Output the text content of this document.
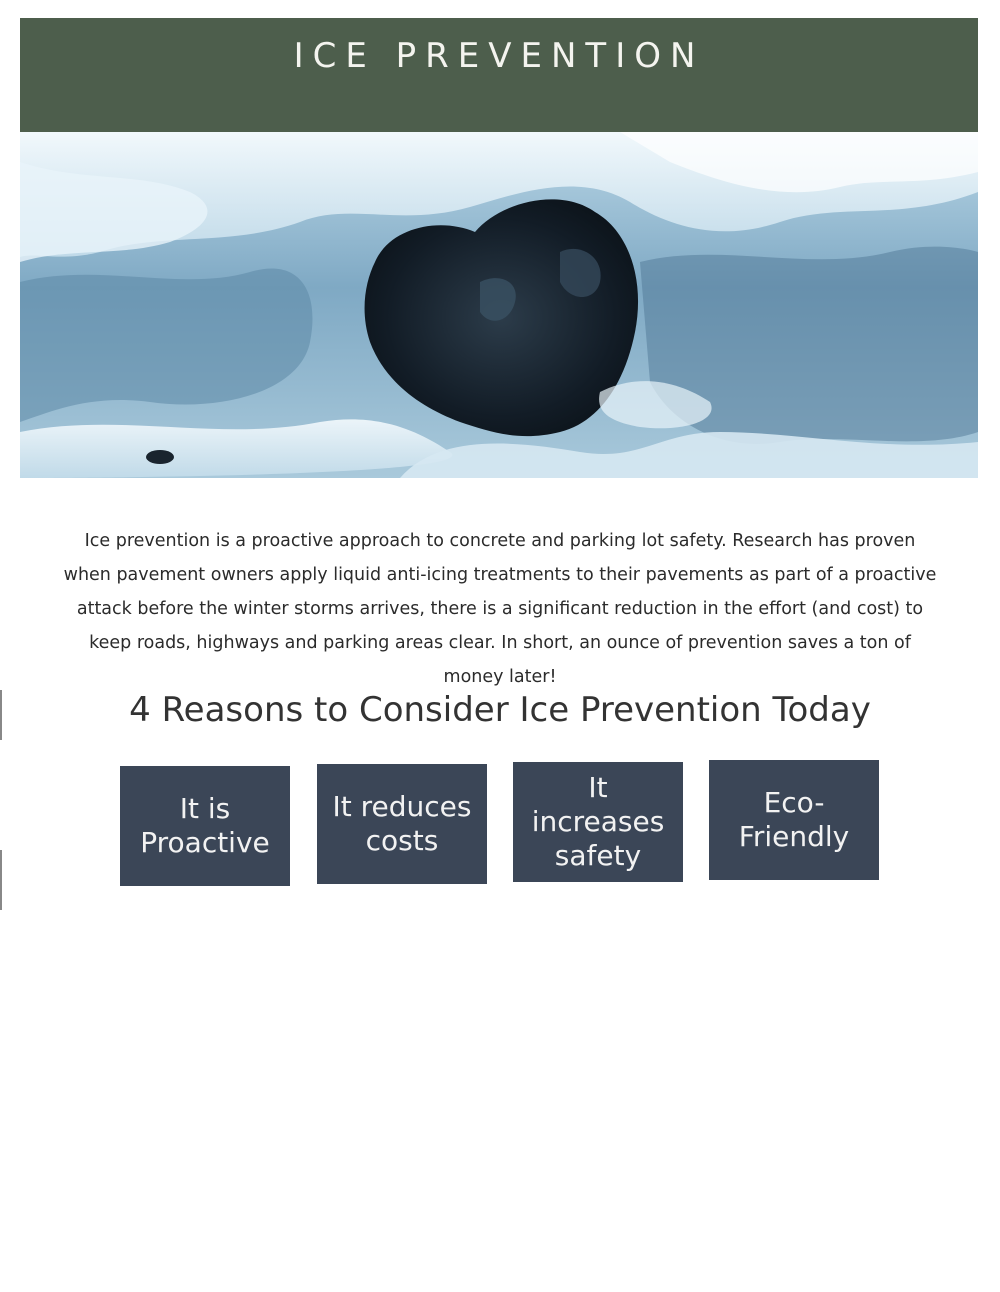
ICE PREVENTION

Ice prevention is a proactive approach to concrete and parking lot safety. Research has proven when pavement owners apply liquid anti-icing treatments to their pavements as part of a proactive attack before the winter storms arrives, there is a significant reduction in the effort (and cost) to keep roads, highways and parking areas clear. In short, an ounce of prevention saves a ton of money later!

4 Reasons to Consider Ice Prevention Today
It is Proactive
It reduces costs
It increases safety
Eco-Friendly
